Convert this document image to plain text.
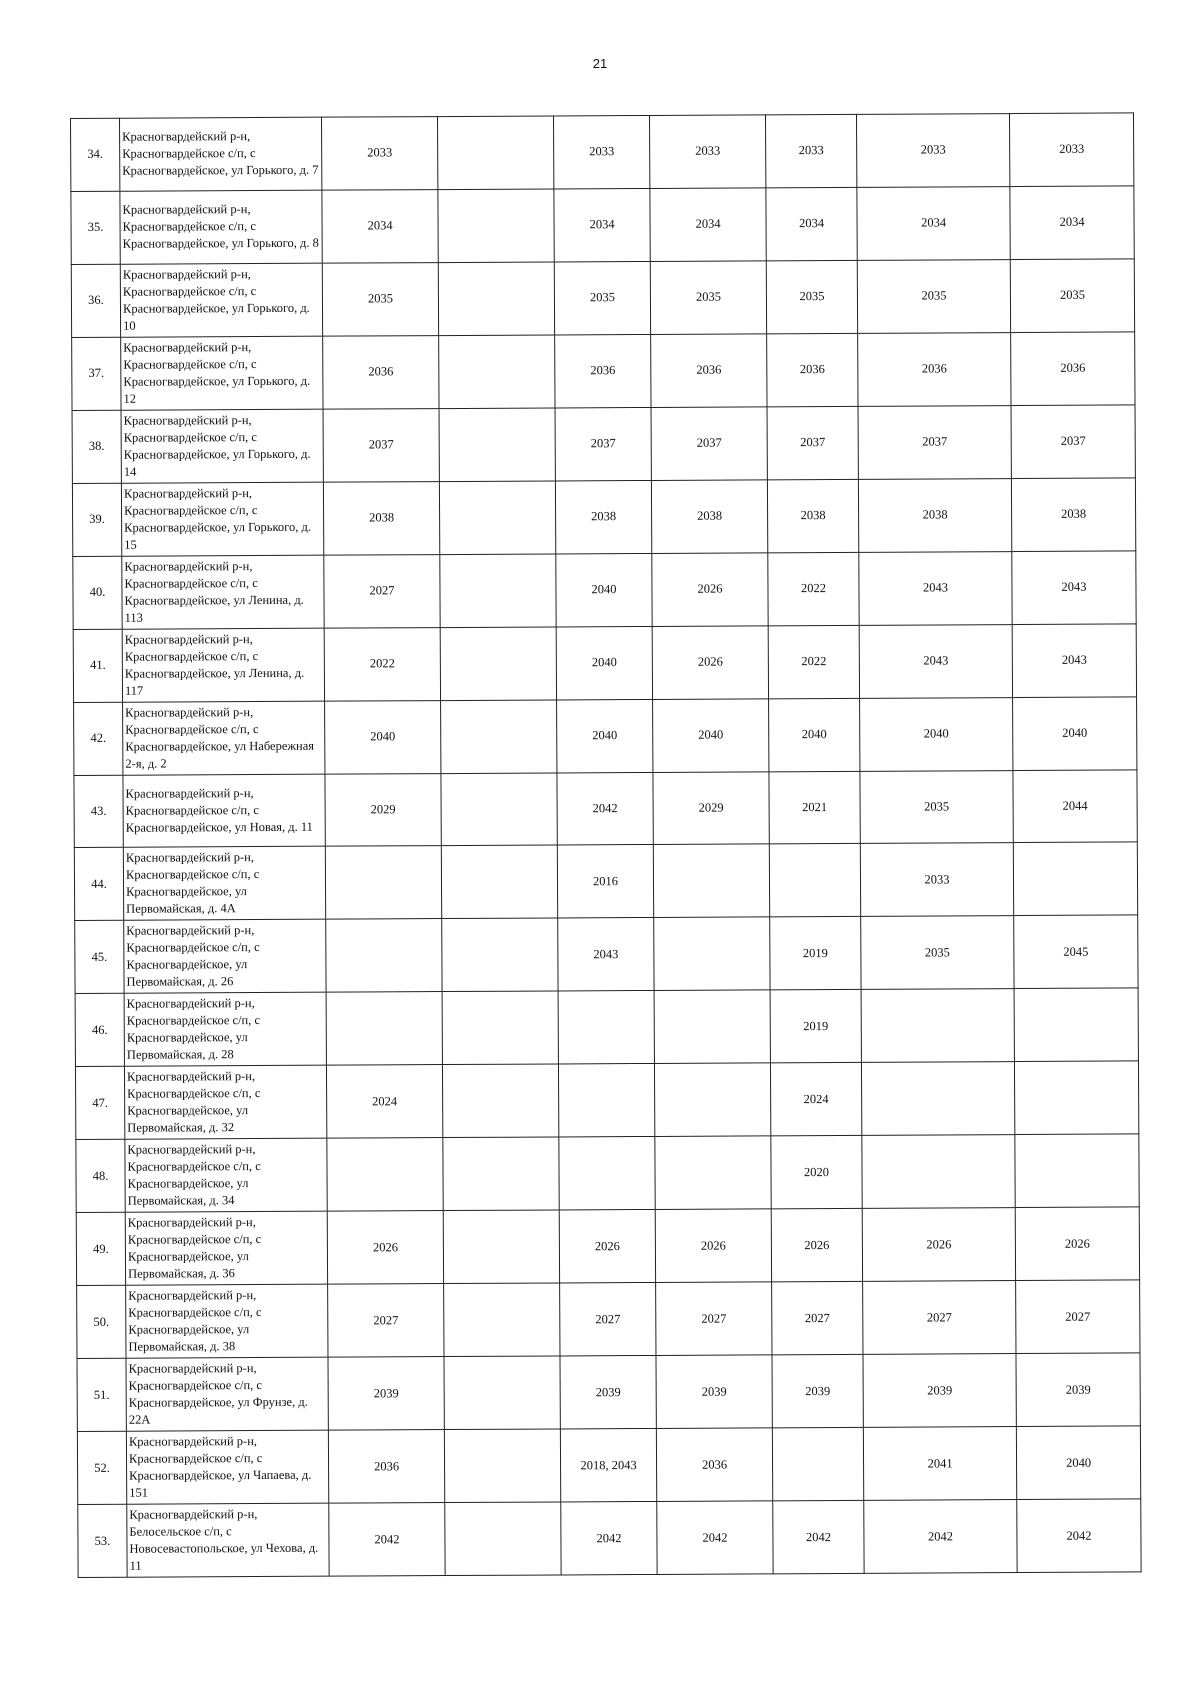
21
34.	Красногвардейский р-н, Красногвардейское с/п, с Красногвардейское, ул Горького, д. 7	2033		2033	2033	2033	2033	2033
35.	Красногвардейский р-н, Красногвардейское с/п, с Красногвардейское, ул Горького, д. 8	2034		2034	2034	2034	2034	2034
36.	Красногвардейский р-н, Красногвардейское с/п, с Красногвардейское, ул Горького, д. 10	2035		2035	2035	2035	2035	2035
37.	Красногвардейский р-н, Красногвардейское с/п, с Красногвардейское, ул Горького, д. 12	2036		2036	2036	2036	2036	2036
38.	Красногвардейский р-н, Красногвардейское с/п, с Красногвардейское, ул Горького, д. 14	2037		2037	2037	2037	2037	2037
39.	Красногвардейский р-н, Красногвардейское с/п, с Красногвардейское, ул Горького, д. 15	2038		2038	2038	2038	2038	2038
40.	Красногвардейский р-н, Красногвардейское с/п, с Красногвардейское, ул Ленина, д. 113	2027		2040	2026	2022	2043	2043
41.	Красногвардейский р-н, Красногвардейское с/п, с Красногвардейское, ул Ленина, д. 117	2022		2040	2026	2022	2043	2043
42.	Красногвардейский р-н, Красногвардейское с/п, с Красногвардейское, ул Набережная 2-я, д. 2	2040		2040	2040	2040	2040	2040
43.	Красногвардейский р-н, Красногвардейское с/п, с Красногвардейское, ул Новая, д. 11	2029		2042	2029	2021	2035	2044
44.	Красногвардейский р-н, Красногвардейское с/п, с Красногвардейское, ул Первомайская, д. 4А			2016			2033	
45.	Красногвардейский р-н, Красногвардейское с/п, с Красногвардейское, ул Первомайская, д. 26			2043		2019	2035	2045
46.	Красногвардейский р-н, Красногвардейское с/п, с Красногвардейское, ул Первомайская, д. 28					2019		
47.	Красногвардейский р-н, Красногвардейское с/п, с Красногвардейское, ул Первомайская, д. 32	2024				2024		
48.	Красногвардейский р-н, Красногвардейское с/п, с Красногвардейское, ул Первомайская, д. 34					2020		
49.	Красногвардейский р-н, Красногвардейское с/п, с Красногвардейское, ул Первомайская, д. 36	2026		2026	2026	2026	2026	2026
50.	Красногвардейский р-н, Красногвардейское с/п, с Красногвардейское, ул Первомайская, д. 38	2027		2027	2027	2027	2027	2027
51.	Красногвардейский р-н, Красногвардейское с/п, с Красногвардейское, ул Фрунзе, д. 22А	2039		2039	2039	2039	2039	2039
52.	Красногвардейский р-н, Красногвардейское с/п, с Красногвардейское, ул Чапаева, д. 151	2036		2018, 2043	2036		2041	2040
53.	Красногвардейский р-н, Белосельское с/п, с Новосевастопольское, ул Чехова, д. 11	2042		2042	2042	2042	2042	2042
